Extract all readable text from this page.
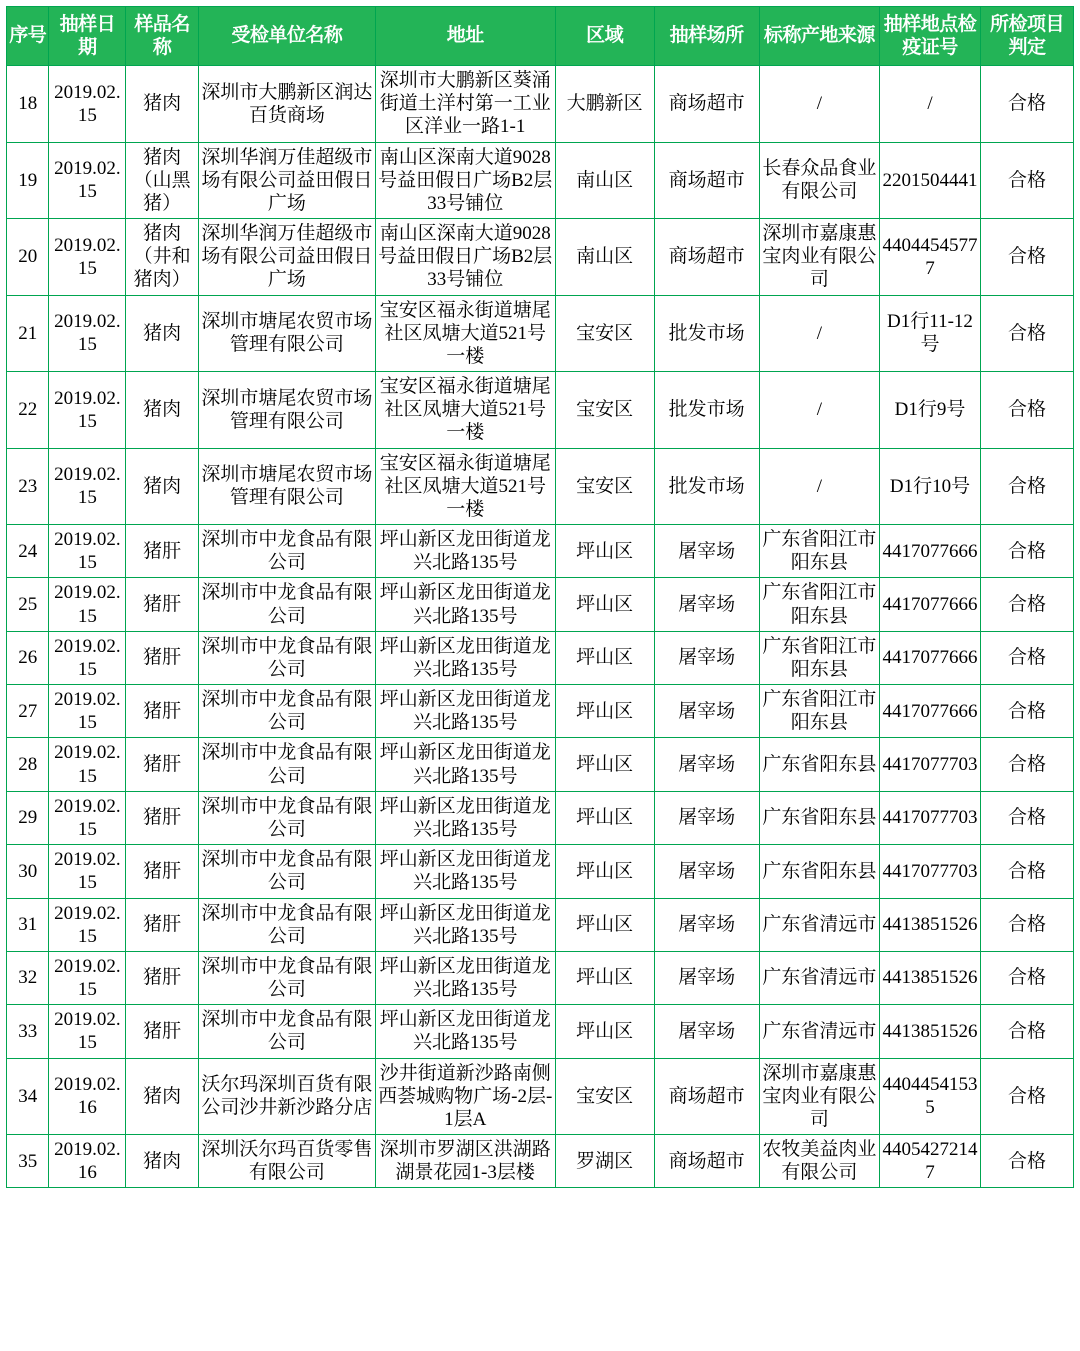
序号	抽样日期	样品名称	受检单位名称	地址	区域	抽样场所	标称产地来源	抽样地点检疫证号	所检项目判定
18	2019.02.15	猪肉	深圳市大鹏新区润达百货商场	深圳市大鹏新区葵涌街道土洋村第一工业区洋业一路1-1	大鹏新区	商场超市	/	/	合格
19	2019.02.15	猪肉（山黑猪）	深圳华润万佳超级市场有限公司益田假日广场	南山区深南大道9028号益田假日广场B2层33号铺位	南山区	商场超市	长春众品食业有限公司	2201504441	合格
20	2019.02.15	猪肉（井和猪肉）	深圳华润万佳超级市场有限公司益田假日广场	南山区深南大道9028号益田假日广场B2层33号铺位	南山区	商场超市	深圳市嘉康惠宝肉业有限公司	44044545777	合格
21	2019.02.15	猪肉	深圳市塘尾农贸市场管理有限公司	宝安区福永街道塘尾社区凤塘大道521号一楼	宝安区	批发市场	/	D1行11-12号	合格
22	2019.02.15	猪肉	深圳市塘尾农贸市场管理有限公司	宝安区福永街道塘尾社区凤塘大道521号一楼	宝安区	批发市场	/	D1行9号	合格
23	2019.02.15	猪肉	深圳市塘尾农贸市场管理有限公司	宝安区福永街道塘尾社区凤塘大道521号一楼	宝安区	批发市场	/	D1行10号	合格
24	2019.02.15	猪肝	深圳市中龙食品有限公司	坪山新区龙田街道龙兴北路135号	坪山区	屠宰场	广东省阳江市阳东县	4417077666	合格
25	2019.02.15	猪肝	深圳市中龙食品有限公司	坪山新区龙田街道龙兴北路135号	坪山区	屠宰场	广东省阳江市阳东县	4417077666	合格
26	2019.02.15	猪肝	深圳市中龙食品有限公司	坪山新区龙田街道龙兴北路135号	坪山区	屠宰场	广东省阳江市阳东县	4417077666	合格
27	2019.02.15	猪肝	深圳市中龙食品有限公司	坪山新区龙田街道龙兴北路135号	坪山区	屠宰场	广东省阳江市阳东县	4417077666	合格
28	2019.02.15	猪肝	深圳市中龙食品有限公司	坪山新区龙田街道龙兴北路135号	坪山区	屠宰场	广东省阳东县	4417077703	合格
29	2019.02.15	猪肝	深圳市中龙食品有限公司	坪山新区龙田街道龙兴北路135号	坪山区	屠宰场	广东省阳东县	4417077703	合格
30	2019.02.15	猪肝	深圳市中龙食品有限公司	坪山新区龙田街道龙兴北路135号	坪山区	屠宰场	广东省阳东县	4417077703	合格
31	2019.02.15	猪肝	深圳市中龙食品有限公司	坪山新区龙田街道龙兴北路135号	坪山区	屠宰场	广东省清远市	4413851526	合格
32	2019.02.15	猪肝	深圳市中龙食品有限公司	坪山新区龙田街道龙兴北路135号	坪山区	屠宰场	广东省清远市	4413851526	合格
33	2019.02.15	猪肝	深圳市中龙食品有限公司	坪山新区龙田街道龙兴北路135号	坪山区	屠宰场	广东省清远市	4413851526	合格
34	2019.02.16	猪肉	沃尔玛深圳百货有限公司沙井新沙路分店	沙井街道新沙路南侧西荟城购物广场-2层-1层A	宝安区	商场超市	深圳市嘉康惠宝肉业有限公司	44044541535	合格
35	2019.02.16	猪肉	深圳沃尔玛百货零售有限公司	深圳市罗湖区洪湖路湖景花园1-3层楼	罗湖区	商场超市	农牧美益肉业有限公司	44054272147	合格
